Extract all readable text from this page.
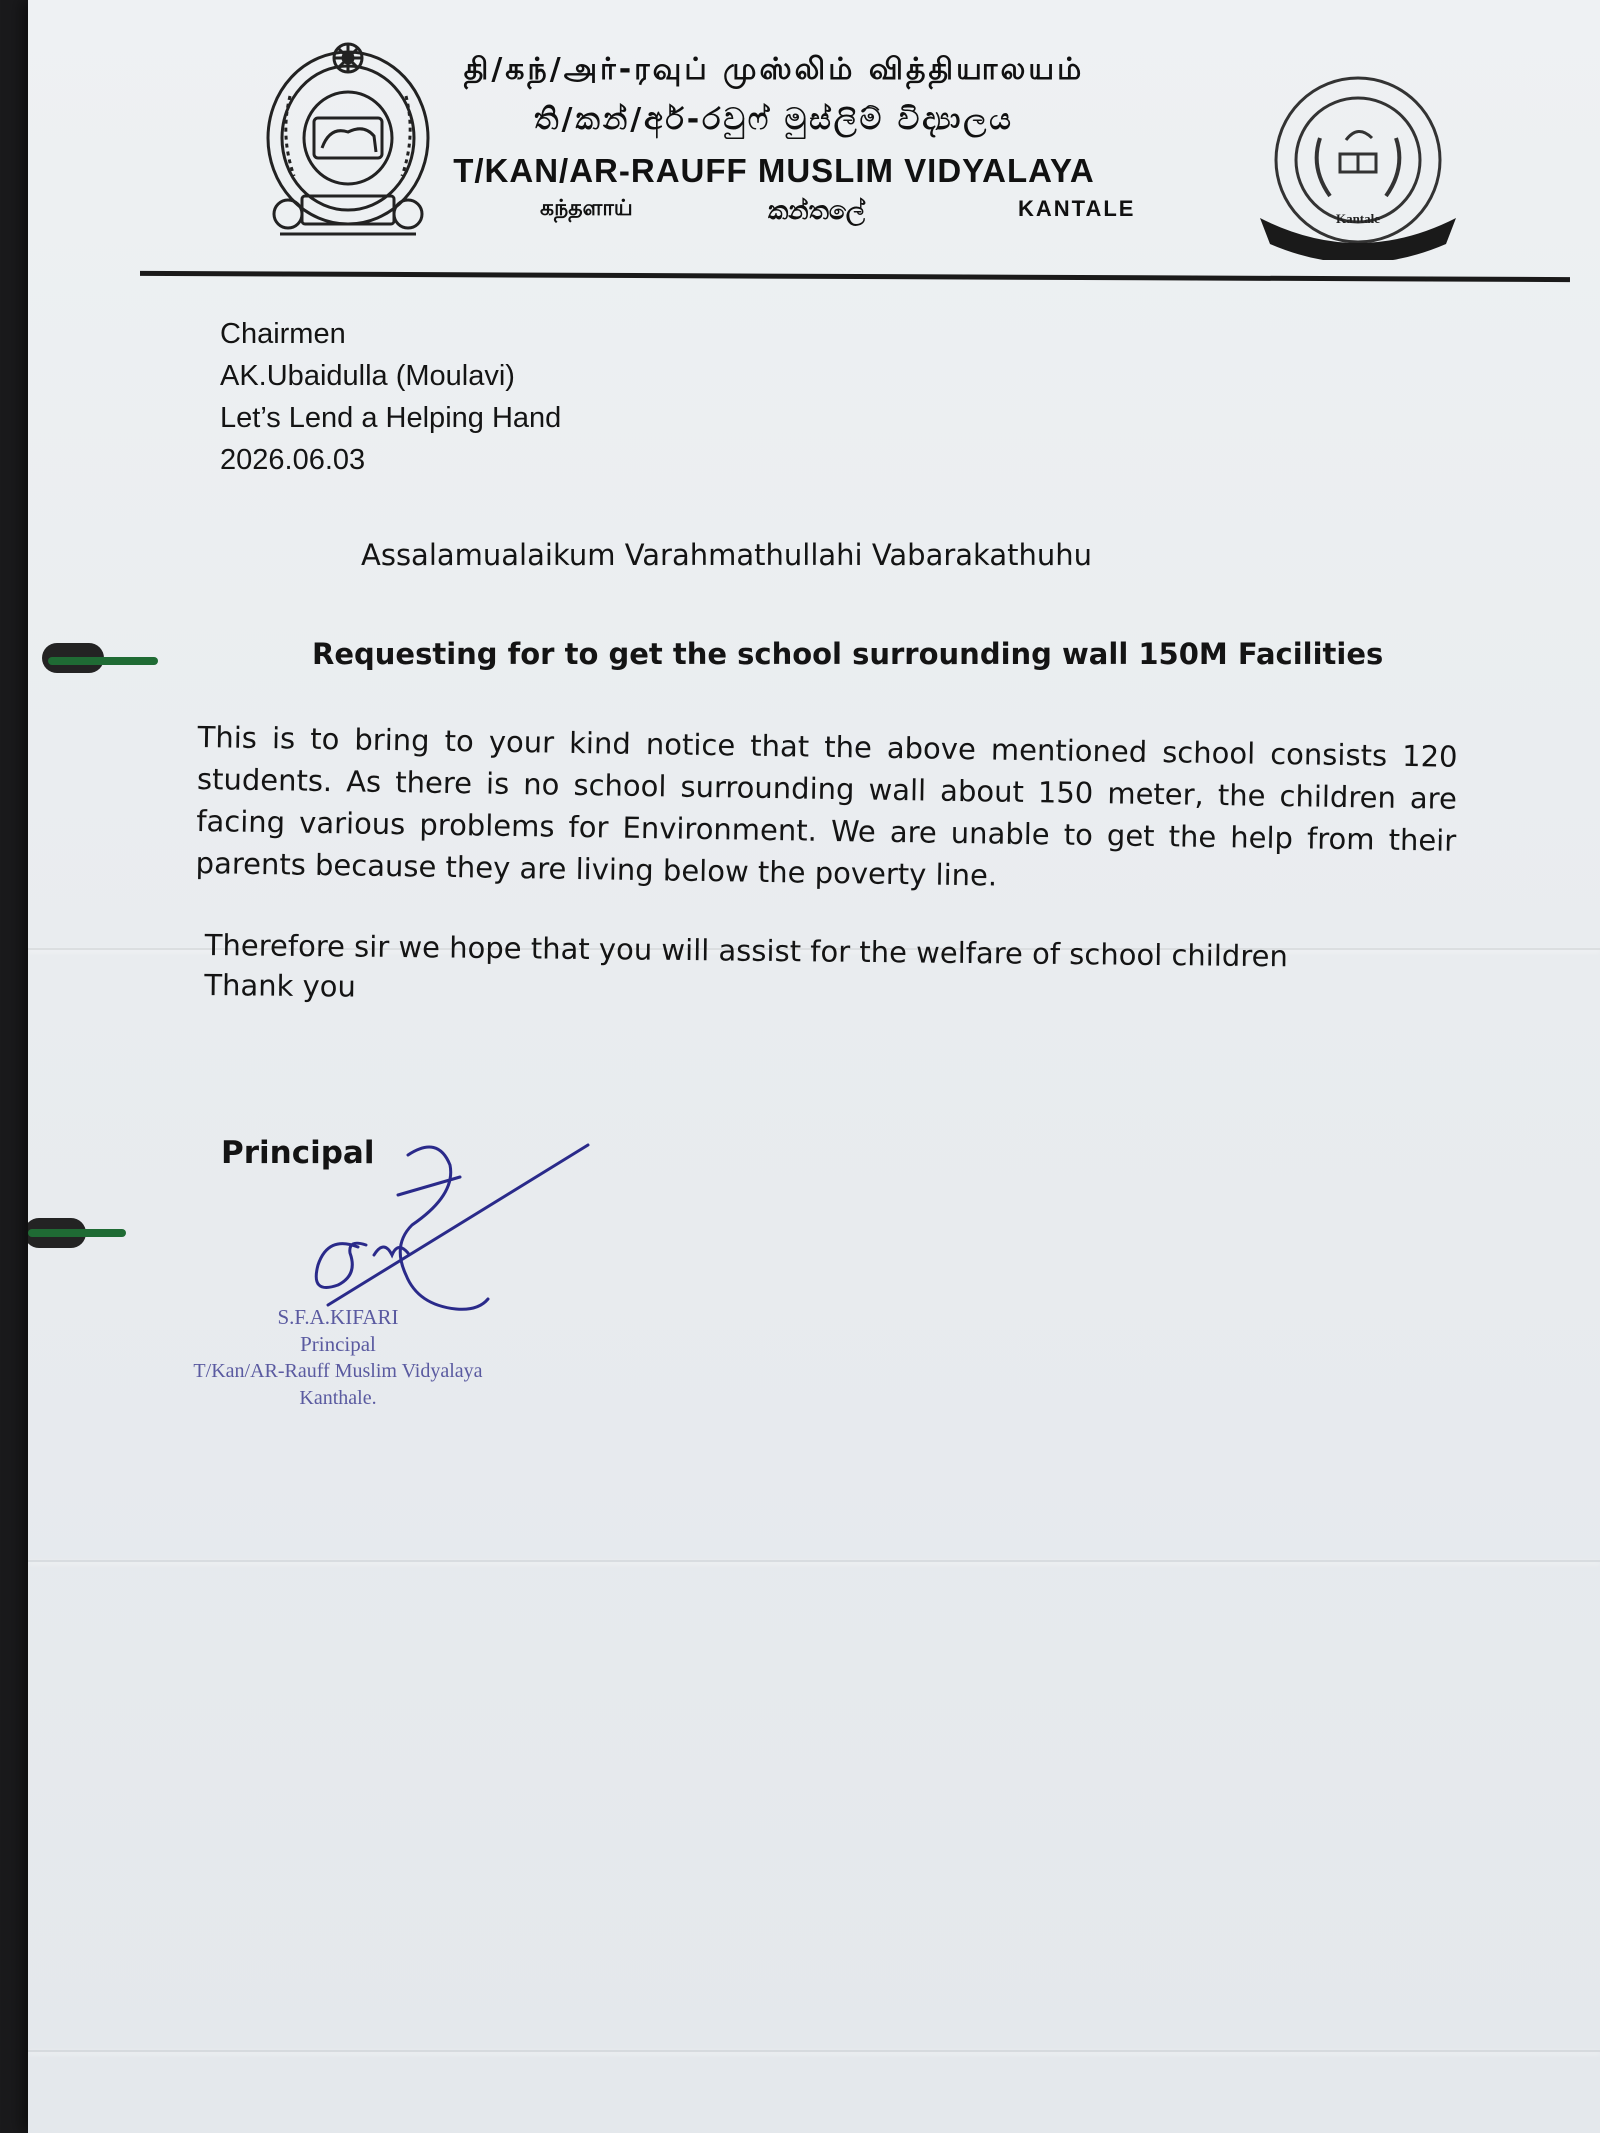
தி/கந்/அர்-ரவுப் முஸ்லிம் வித்தியாலயம்
ති/කන්/අර්-රවුෆ් මුස්ලිම් විද්‍යාලය
T/KAN/AR-RAUFF MUSLIM VIDYALAYA
கந்தளாய்	කන්තලේ	KANTALE	Kantale
Chairmen
AK.Ubaidulla (Moulavi)
Let’s Lend a Helping Hand
2026.06.03
Assalamualaikum Varahmathullahi Vabarakathuhu
Requesting for to get the school surrounding wall 150M Facilities
This is to bring to your kind notice that the above mentioned school consists 120 students. As there is no school surrounding wall about 150 meter, the children are facing various problems for Environment. We are unable to get the help from their parents because they are living below the poverty line.
Therefore sir we hope that you will assist for the welfare of school children
Thank you
Principal
S.F.A.KIFARI
Principal
T/Kan/AR-Rauff Muslim Vidyalaya
Kanthale.
